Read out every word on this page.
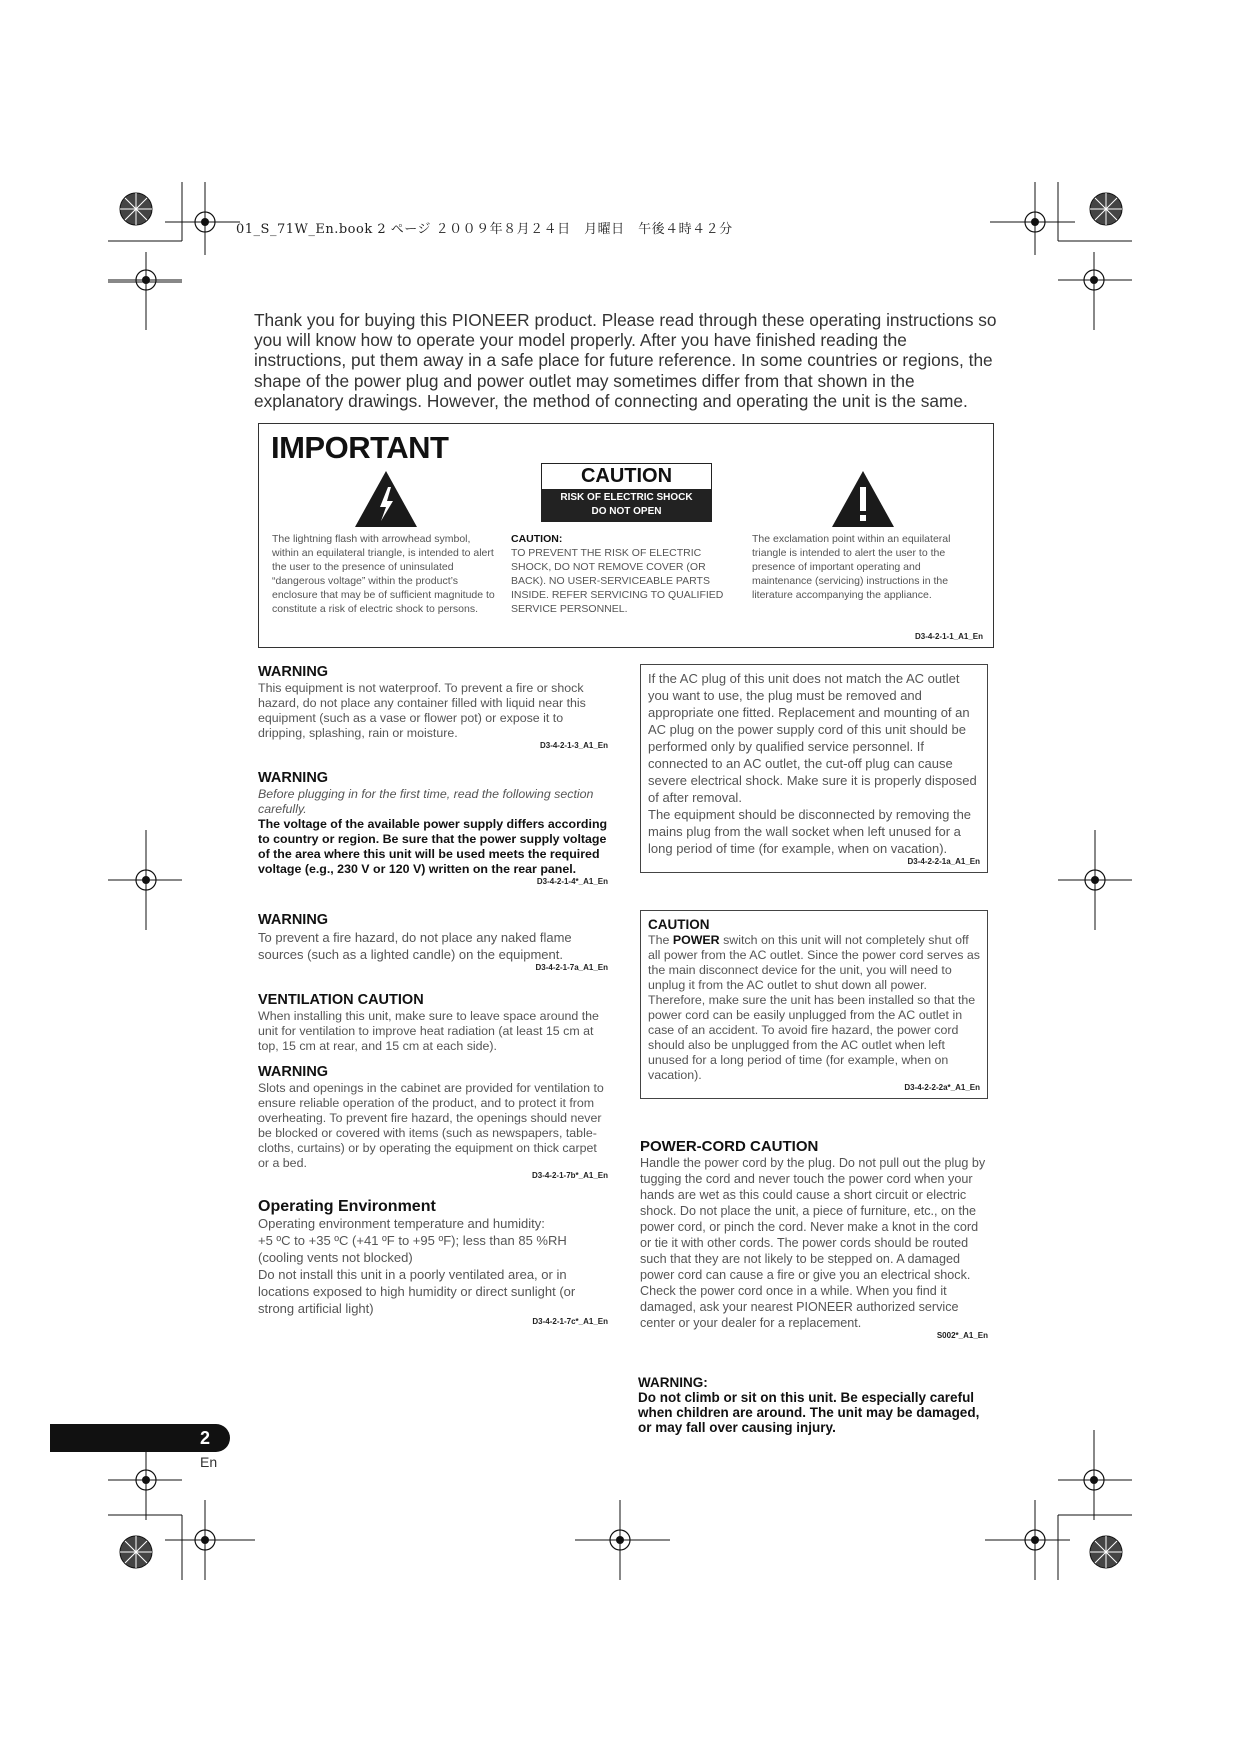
01_S_71W_En.book 2 ページ ２００９年８月２４日　月曜日　午後４時４２分
Thank you for buying this PIONEER product. Please read through these operating instructions so you will know how to operate your model properly. After you have finished reading the instructions, put them away in a safe place for future reference. In some countries or regions, the shape of the power plug and power outlet may sometimes differ from that shown in the explanatory drawings. However, the method of connecting and operating the unit is the same.
IMPORTANT
CAUTION
RISK OF ELECTRIC SHOCK
DO NOT OPEN
The lightning flash with arrowhead symbol, within an equilateral triangle, is intended to alert the user to the presence of uninsulated “dangerous voltage” within the product’s enclosure that may be of sufficient magnitude to constitute a risk of electric shock to persons.
CAUTION:
TO PREVENT THE RISK OF ELECTRIC SHOCK, DO NOT REMOVE COVER (OR BACK). NO USER-SERVICEABLE PARTS INSIDE. REFER SERVICING TO QUALIFIED SERVICE PERSONNEL.
The exclamation point within an equilateral triangle is intended to alert the user to the presence of important operating and maintenance (servicing) instructions in the literature accompanying the appliance.
D3-4-2-1-1_A1_En
WARNING
This equipment is not waterproof. To prevent a fire or shock hazard, do not place any container filled with liquid near this equipment (such as a vase or flower pot) or expose it to dripping, splashing, rain or moisture.
D3-4-2-1-3_A1_En
WARNING
Before plugging in for the first time, read the following section carefully.
The voltage of the available power supply differs according to country or region. Be sure that the power supply voltage of the area where this unit will be used meets the required voltage (e.g., 230 V or 120 V) written on the rear panel.
D3-4-2-1-4*_A1_En
WARNING
To prevent a fire hazard, do not place any naked flame sources (such as a lighted candle) on the equipment.
D3-4-2-1-7a_A1_En
VENTILATION CAUTION
When installing this unit, make sure to leave space around the unit for ventilation to improve heat radiation (at least 15 cm at top, 15 cm at rear, and 15 cm at each side).
WARNING
Slots and openings in the cabinet are provided for ventilation to ensure reliable operation of the product, and to protect it from overheating. To prevent fire hazard, the openings should never be blocked or covered with items (such as newspapers, table-cloths, curtains) or by operating the equipment on thick carpet or a bed.
D3-4-2-1-7b*_A1_En
Operating Environment
Operating environment temperature and humidity:
+5 ºC to +35 ºC (+41 ºF to +95 ºF); less than 85 %RH (cooling vents not blocked)
Do not install this unit in a poorly ventilated area, or in locations exposed to high humidity or direct sunlight (or strong artificial light)
D3-4-2-1-7c*_A1_En
If the AC plug of this unit does not match the AC outlet you want to use, the plug must be removed and appropriate one fitted. Replacement and mounting of an AC plug on the power supply cord of this unit should be performed only by qualified service personnel. If connected to an AC outlet, the cut-off plug can cause severe electrical shock. Make sure it is properly disposed of after removal.
The equipment should be disconnected by removing the mains plug from the wall socket when left unused for a long period of time (for example, when on vacation).
D3-4-2-2-1a_A1_En
CAUTION
The POWER switch on this unit will not completely shut off all power from the AC outlet. Since the power cord serves as the main disconnect device for the unit, you will need to unplug it from the AC outlet to shut down all power. Therefore, make sure the unit has been installed so that the power cord can be easily unplugged from the AC outlet in case of an accident. To avoid fire hazard, the power cord should also be unplugged from the AC outlet when left unused for a long period of time (for example, when on vacation).
D3-4-2-2-2a*_A1_En
POWER-CORD CAUTION
Handle the power cord by the plug. Do not pull out the plug by tugging the cord and never touch the power cord when your hands are wet as this could cause a short circuit or electric shock. Do not place the unit, a piece of furniture, etc., on the power cord, or pinch the cord. Never make a knot in the cord or tie it with other cords. The power cords should be routed such that they are not likely to be stepped on. A damaged power cord can cause a fire or give you an electrical shock. Check the power cord once in a while. When you find it damaged, ask your nearest PIONEER authorized service center or your dealer for a replacement.
S002*_A1_En
WARNING:
Do not climb or sit on this unit. Be especially careful when children are around. The unit may be damaged, or may fall over causing injury.
2
En
